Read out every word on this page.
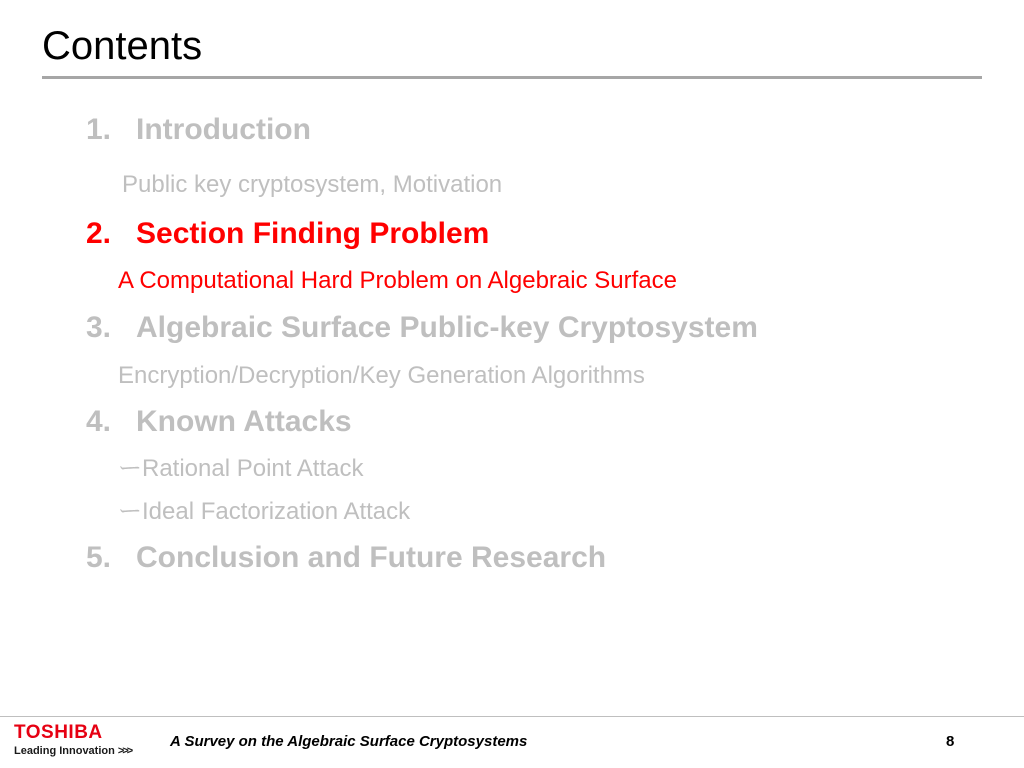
Contents
1. Introduction
Public key cryptosystem, Motivation
2. Section Finding Problem
A Computational Hard Problem on Algebraic Surface
3. Algebraic Surface Public-key Cryptosystem
Encryption/Decryption/Key Generation Algorithms
4. Known Attacks
ーRational Point Attack
ーIdeal Factorization Attack
5. Conclusion and Future Research
TOSHIBA
Leading Innovation >>>
A Survey on the Algebraic Surface Cryptosystems	8
